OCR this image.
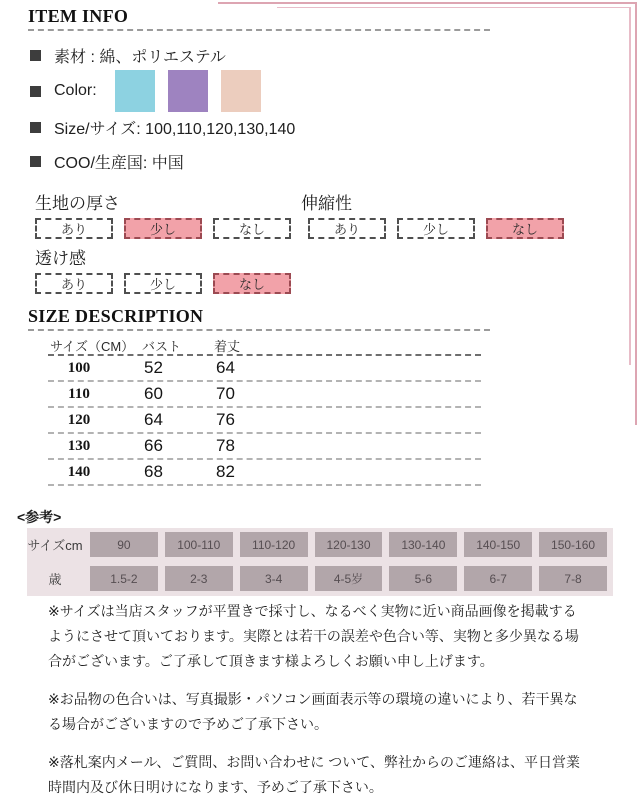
ITEM INFO
素材 : 綿、ポリエステル
Color:
Size/サイズ: 100,110,120,130,140
COO/生産国: 中国
生地の厚さ
あり	少し	なし
伸縮性
あり	少し	なし
透け感
あり	少し	なし
SIZE DESCRIPTION
サイズ（CM） バスト	着丈
100	52	64
110	60	70
120	64	76
130	66	78
140	68	82
<参考>
サイズcm	90	100-110	110-120	120-130	130-140	140-150	150-160
歳	1.5-2	2-3	3-4	4-5岁	5-6	6-7	7-8

※サイズは当店スタッフが平置きで採寸し、なるべく実物に近い商品画像を掲載するようにさせて頂いております。実際とは若干の誤差や色合い等、実物と多少異なる場合がございます。ご了承して頂きます様よろしくお願い申し上げます。

※お品物の色合いは、写真撮影・パソコン画面表示等の環境の違いにより、若干異なる場合がございますので予めご了承下さい。

※落札案内メール、ご質問、お問い合わせに ついて、弊社からのご連絡は、平日営業時間内及び休日明けになります、予めご了承下さい。
